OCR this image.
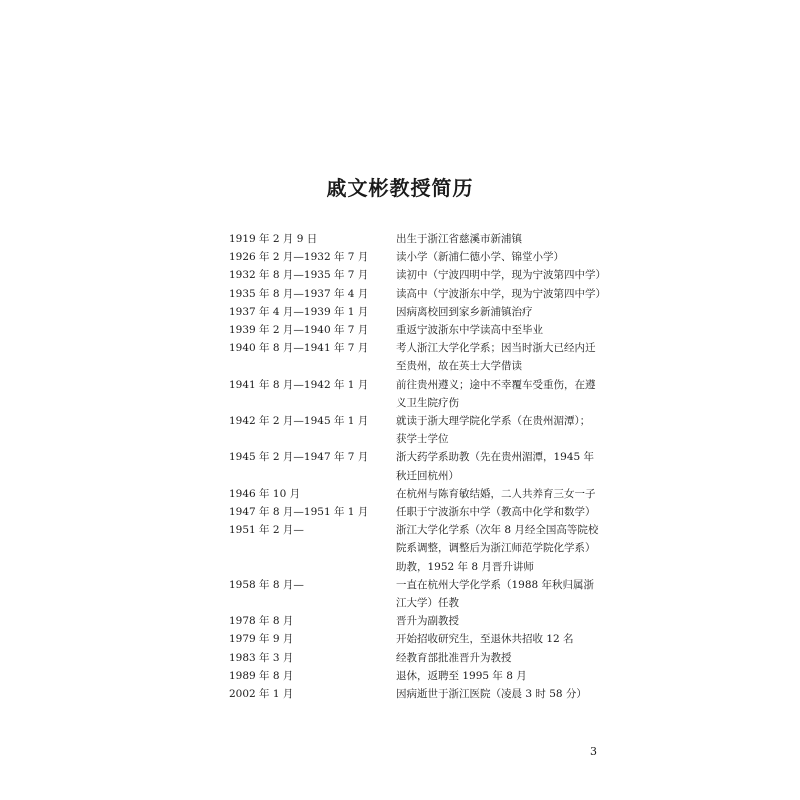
戚文彬教授简历
1919 年 2 月 9 日	出生于浙江省慈溪市新浦镇
1926 年 2 月—1932 年 7 月	读小学（新浦仁德小学、锦堂小学）
1932 年 8 月—1935 年 7 月	读初中（宁波四明中学，现为宁波第四中学）
1935 年 8 月—1937 年 4 月	读高中（宁波浙东中学，现为宁波第四中学）
1937 年 4 月—1939 年 1 月	因病离校回到家乡新浦镇治疗
1939 年 2 月—1940 年 7 月	重返宁波浙东中学读高中至毕业
1940 年 8 月—1941 年 7 月	考人浙江大学化学系；因当时浙大已经内迁
至贵州，故在英士大学借读
1941 年 8 月—1942 年 1 月	前往贵州遵义；途中不幸覆车受重伤，在遵
义卫生院疗伤
1942 年 2 月—1945 年 1 月	就读于浙大理学院化学系（在贵州湄潭）；
获学士学位
1945 年 2 月—1947 年 7 月	浙大药学系助教（先在贵州湄潭，1945 年
秋迁回杭州）
1946 年 10 月	在杭州与陈育敏结婚，二人共养育三女一子
1947 年 8 月—1951 年 1 月	任职于宁波浙东中学（教高中化学和数学）
1951 年 2 月—	浙江大学化学系（次年 8 月经全国高等院校
院系调整，调整后为浙江师范学院化学系）
助教，1952 年 8 月晋升讲师
1958 年 8 月—	一直在杭州大学化学系（1988 年秋归属浙
江大学）任教
1978 年 8 月	晋升为副教授
1979 年 9 月	开始招收研究生，至退休共招收 12 名
1983 年 3 月	经教育部批准晋升为教授
1989 年 8 月	退休，返聘至 1995 年 8 月
2002 年 1 月	因病逝世于浙江医院（凌晨 3 时 58 分）
3
